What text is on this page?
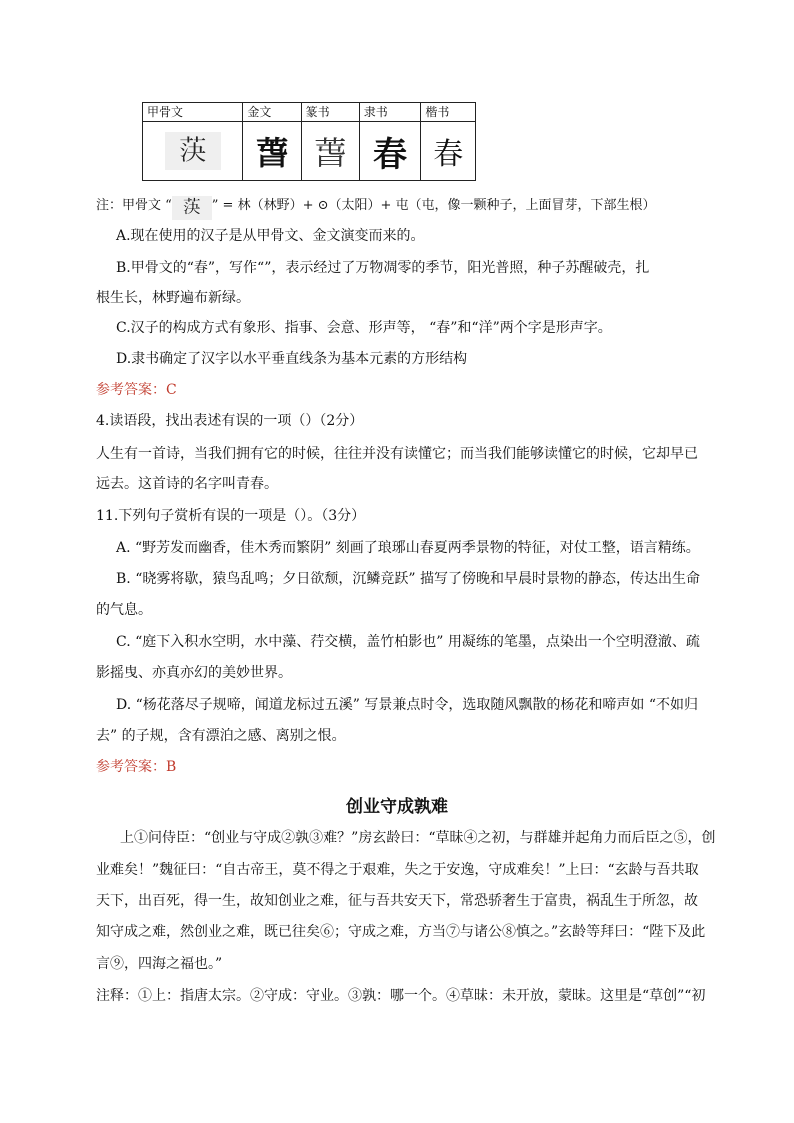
甲骨文	金文	篆书	隶书	楷书
𦯊	萅	萅	春	春
注：甲骨文 “ 𦯊 ” = 林（林野）+ ⊙（太阳）+ 屯（屯，像一颗种子，上面冒芽，下部生根）
A.现在使用的汉子是从甲骨文、金文演变而来的。
B.甲骨文的“春”，写作“”，表示经过了万物凋零的季节，阳光普照，种子苏醒破壳，扎
根生长，林野遍布新绿。
C.汉子的构成方式有象形、指事、会意、形声等， “春”和“洋”两个字是形声字。
D.隶书确定了汉字以水平垂直线条为基本元素的方形结构
参考答案：C
4.读语段，找出表述有误的一项（）（2分）
人生有一首诗，当我们拥有它的时候，往往并没有读懂它；而当我们能够读懂它的时候，它却早已
远去。这首诗的名字叫青春。
11.下列句子赏析有误的一项是（）。（3分）
A. “野芳发而幽香，佳木秀而繁阴” 刻画了琅琊山春夏两季景物的特征，对仗工整，语言精练。
B. “晓雾将歇，猿鸟乱鸣；夕日欲颓，沉鳞竞跃” 描写了傍晚和早晨时景物的静态，传达出生命
的气息。
C. “庭下入积水空明，水中藻、荇交横，盖竹柏影也” 用凝练的笔墨，点染出一个空明澄澈、疏
影摇曳、亦真亦幻的美妙世界。
D. “杨花落尽子规啼，闻道龙标过五溪” 写景兼点时令，选取随风飘散的杨花和啼声如 “不如归
去” 的子规，含有漂泊之感、离别之恨。
参考答案：B
创业守成孰难
上①问侍臣：“创业与守成②孰③难？”房玄龄曰：“草昧④之初，与群雄并起角力而后臣之⑤，创
业难矣！”魏征曰：“自古帝王，莫不得之于艰难，失之于安逸，守成难矣！”上曰：“玄龄与吾共取
天下，出百死，得一生，故知创业之难，征与吾共安天下，常恐骄奢生于富贵，祸乱生于所忽，故
知守成之难，然创业之难，既已往矣⑥；守成之难，方当⑦与诸公⑧慎之。”玄龄等拜曰：“陛下及此
言⑨，四海之福也。”
注释：①上：指唐太宗。②守成：守业。③孰：哪一个。④草昧：未开放，蒙昧。这里是“草创”“初
